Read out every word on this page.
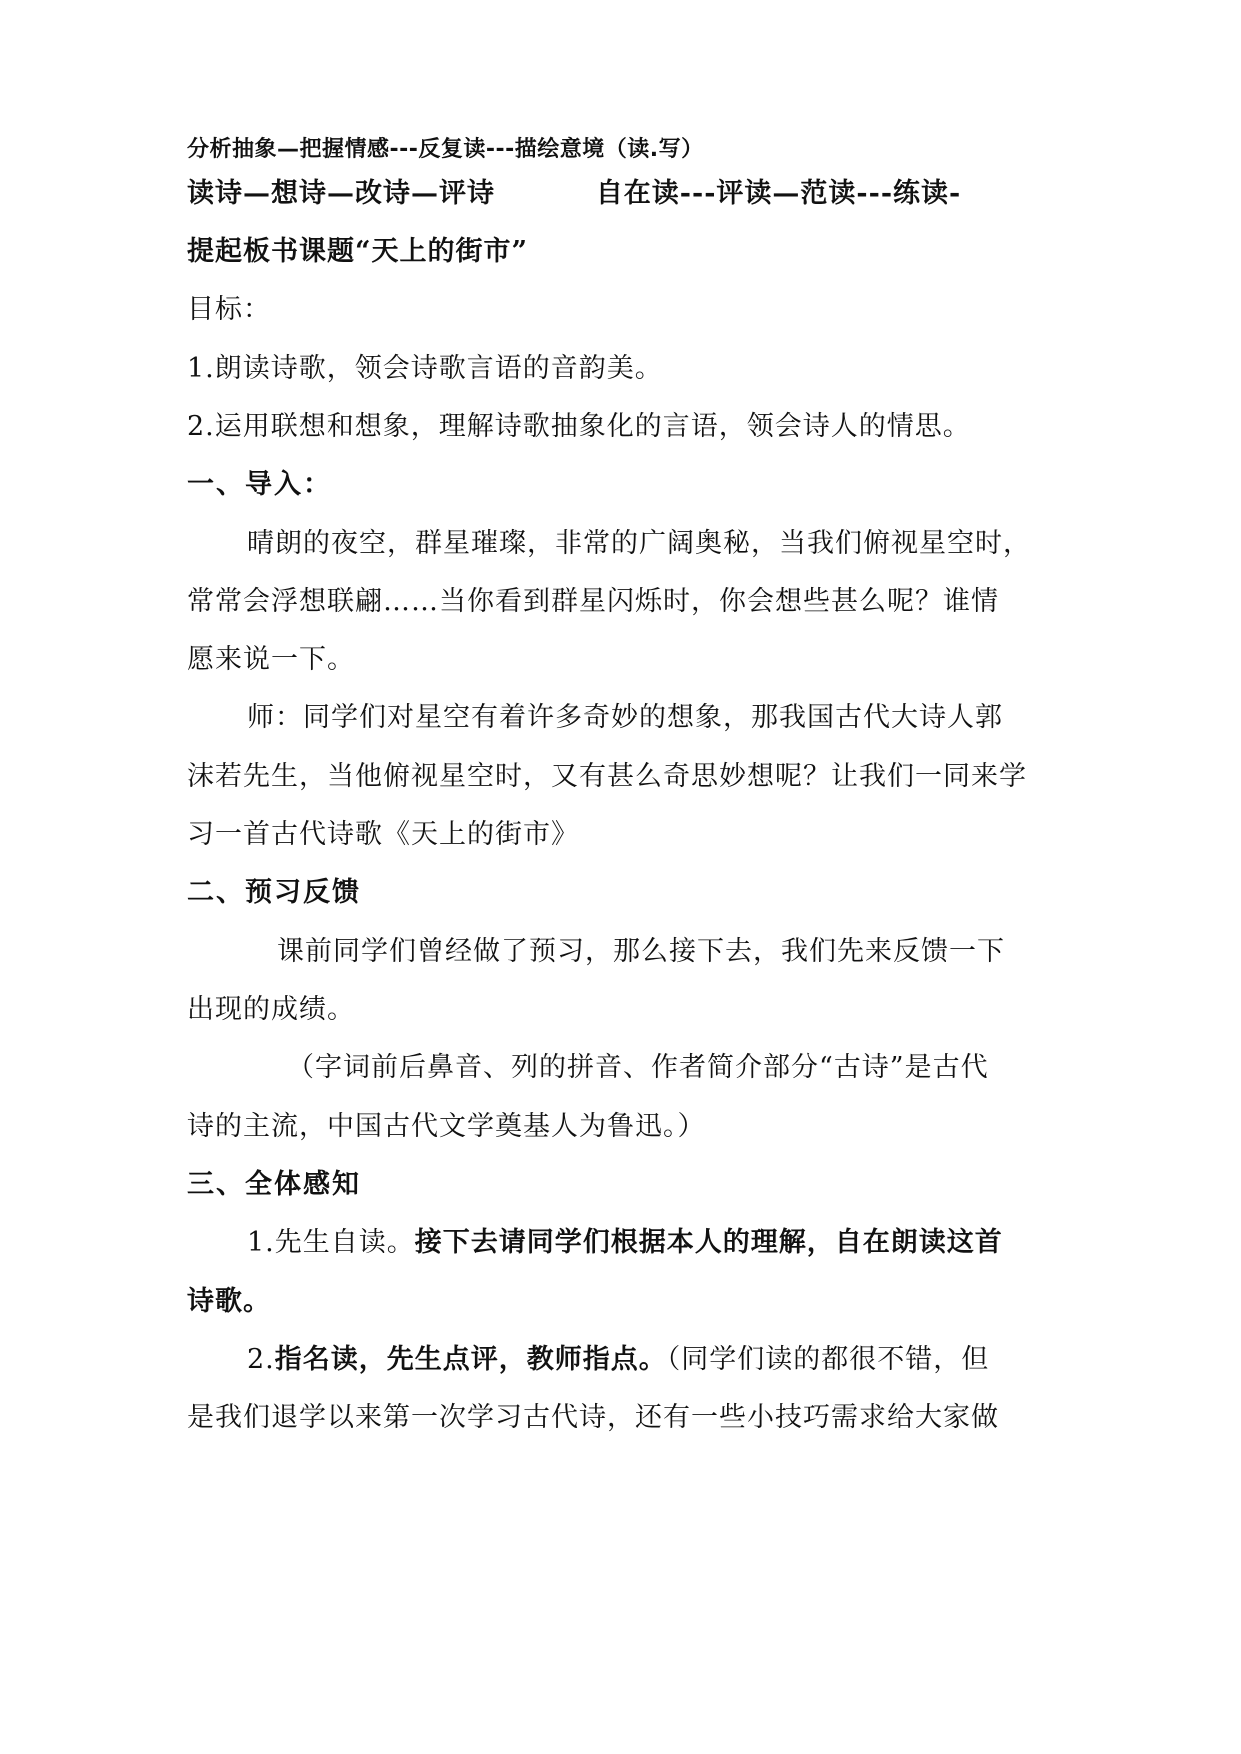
分析抽象—把握情感---反复读---描绘意境（读.写）
读诗—想诗—改诗—评诗	自在读---评读—范读---练读-
提起板书课题“天上的街市”
目标：
1.朗读诗歌，领会诗歌言语的音韵美。
2.运用联想和想象，理解诗歌抽象化的言语，领会诗人的情思。
一、导入：
晴朗的夜空，群星璀璨，非常的广阔奥秘，当我们俯视星空时，
常常会浮想联翩……当你看到群星闪烁时，你会想些甚么呢？谁情
愿来说一下。
师：同学们对星空有着许多奇妙的想象，那我国古代大诗人郭
沫若先生，当他俯视星空时，又有甚么奇思妙想呢？让我们一同来学
习一首古代诗歌《天上的街市》
二、预习反馈
课前同学们曾经做了预习，那么接下去，我们先来反馈一下
出现的成绩。
（字词前后鼻音、列的拼音、作者简介部分“古诗”是古代
诗的主流，中国古代文学奠基人为鲁迅。）
三、全体感知
1.先生自读。接下去请同学们根据本人的理解，自在朗读这首
诗歌。
2.指名读，先生点评，教师指点。（同学们读的都很不错，但
是我们退学以来第一次学习古代诗，还有一些小技巧需求给大家做
